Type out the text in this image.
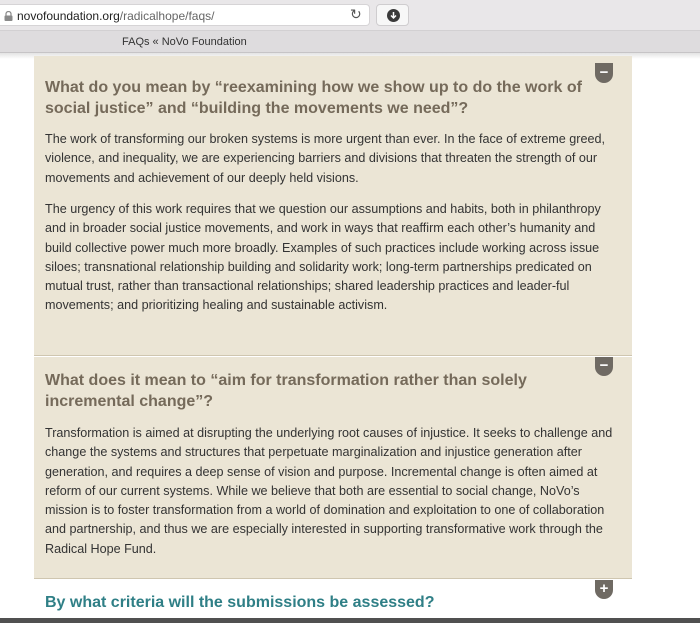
novofoundation.org/radicalhope/faqs/	↻
FAQs « NoVo Foundation
−
What do you mean by “reexamining how we show up to do the work of social justice” and “building the movements we need”?

The work of transforming our broken systems is more urgent than ever. In the face of extreme greed, violence, and inequality, we are experiencing barriers and divisions that threaten the strength of our movements and achievement of our deeply held visions.

The urgency of this work requires that we question our assumptions and habits, both in philanthropy and in broader social justice movements, and work in ways that reaffirm each other’s humanity and build collective power much more broadly. Examples of such practices include working across issue siloes; transnational relationship building and solidarity work; long-term partnerships predicated on mutual trust, rather than transactional relationships; shared leadership practices and leader-ful movements; and prioritizing healing and sustainable activism.

−
What does it mean to “aim for transformation rather than solely incremental change”?

Transformation is aimed at disrupting the underlying root causes of injustice. It seeks to challenge and change the systems and structures that perpetuate marginalization and injustice generation after generation, and requires a deep sense of vision and purpose. Incremental change is often aimed at reform of our current systems. While we believe that both are essential to social change, NoVo’s mission is to foster transformation from a world of domination and exploitation to one of collaboration and partnership, and thus we are especially interested in supporting transformative work through the Radical Hope Fund.

+
By what criteria will the submissions be assessed?
